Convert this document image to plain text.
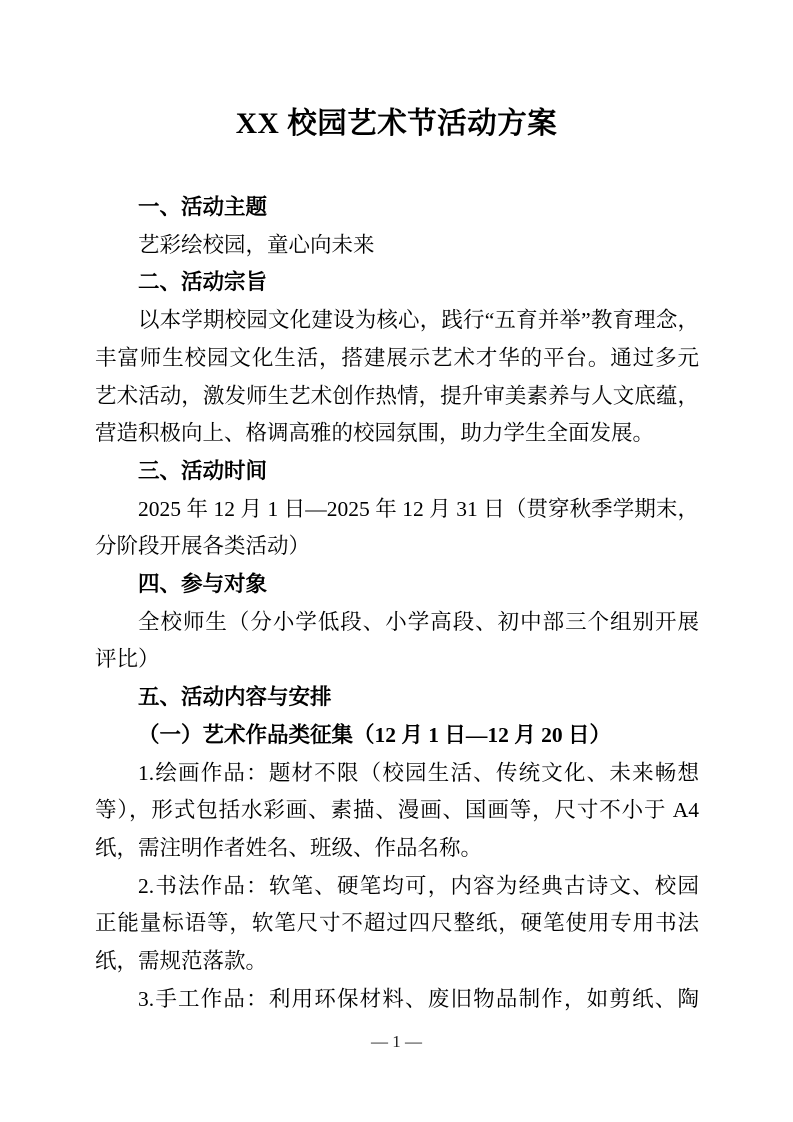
XX 校园艺术节活动方案
一、活动主题
艺彩绘校园，童心向未来
二、活动宗旨
以本学期校园文化建设为核心，践行“五育并举”教育理念，
丰富师生校园文化生活，搭建展示艺术才华的平台。通过多元
艺术活动，激发师生艺术创作热情，提升审美素养与人文底蕴，
营造积极向上、格调高雅的校园氛围，助力学生全面发展。
三、活动时间
2025 年 12 月 1 日—2025 年 12 月 31 日（贯穿秋季学期末，
分阶段开展各类活动）
四、参与对象
全校师生（分小学低段、小学高段、初中部三个组别开展
评比）
五、活动内容与安排
（一）艺术作品类征集（12 月 1 日—12 月 20 日）
1.绘画作品：题材不限（校园生活、传统文化、未来畅想
等），形式包括水彩画、素描、漫画、国画等，尺寸不小于 A4
纸，需注明作者姓名、班级、作品名称。
2.书法作品：软笔、硬笔均可，内容为经典古诗文、校园
正能量标语等，软笔尺寸不超过四尺整纸，硬笔使用专用书法
纸，需规范落款。
3.手工作品：利用环保材料、废旧物品制作，如剪纸、陶
— 1 —
